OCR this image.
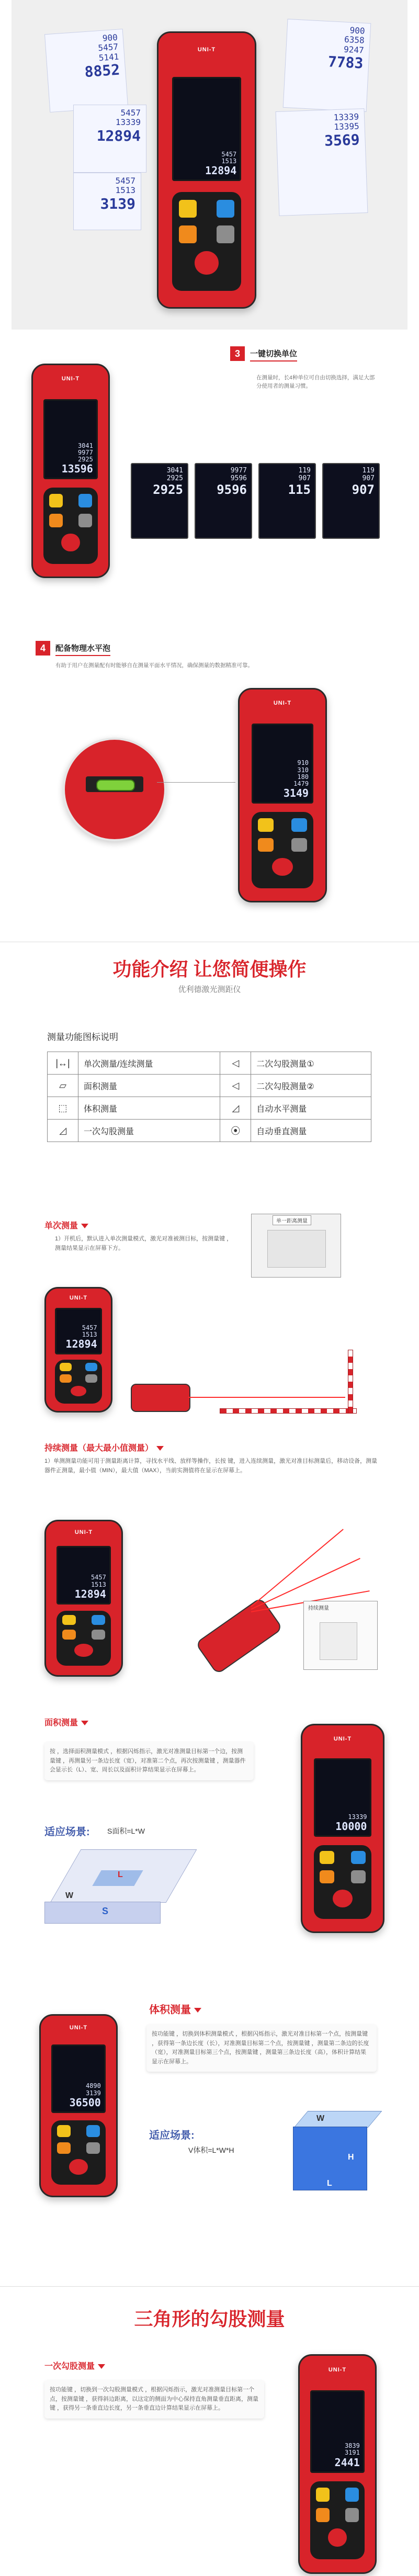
900
5457
5141
8852
900
6358
9247
7783
5457
13339
12894
5457
1513
3139
13339
13395
3569
UNI-T
5457
1513
12894
3	一键切换单位
在测量时，长4种单位可自由切换选择，满足大部分使用者的测量习惯。
UNI-T
3041
9977
2925
13596	3041
2925
2925
9977
9596
9596
119
907
115
119
907
907
4	配备物理水平泡
有助于用户在测量配有时能够自在测量平面水平情况，确保测量的数据精准可靠。
UNI-T
910
310
180
1479
3149
功能介绍 让您简便操作
优利德激光测距仪
测量功能图标说明
|↔|	单次测量/连续测量	◁	二次勾股测量①
▱	面积测量	◁	二次勾股测量②
⬚	体积测量	◿	自动水平测量
◿	一次勾股测量	⦿	自动垂直测量
单次测量
1）开机后，默认进入单次测量模式，激光对准被测目标，按测量键 ，测量结果显示在屏幕下方。
单一距离测量
UNI-T
5457
1513
12894
持续测量（最大最小值测量）
1）单测测量功能可用于测量距离计算，寻找水平线、放样等操作，长按 键，进入连续测量，激光对准目标测量后，移动设备，测量器件正测量，最小值（MIN），最大值（MAX），当前实测值将在显示在屏幕上。
UNI-T
5457
1513
12894
持续测量
面积测量
按 ，选择面积测量模式 ，根据闪烁指示，激光对准测量目标第一个边，按测量键 ，再测量另一条边长度（宽），对准第二个点，再次按测量键 ，测量器件会显示长（L）、宽、周长以及面积计算结果显示在屏幕上。
适应场景: S面积=L*W
L
W
S
UNI-T
13339
10000
体积测量
按功能键 ，切换到体积测量模式 ，根据闪烁指示，激光对准目标第一个点，按测量键 ，获得第一条边长度（长），对准测量目标第二个点，按测量键 ，测量第二条边的长度（宽），对准测量目标第三个点，按测量键 ，测量第三条边长度（高），体积计算结果显示在屏幕上。
UNI-T
4890
3139
36500
适应场景:
V体积=L*W*H
W
H
L
三角形的勾股测量
一次勾股测量
按功能键 ，切换到一次勾股测量模式 ，根据闪烁指示，激光对准测量目标第一个点，按测量键 ，获得斜边距离，以这定的侧面为中心保持直角测量垂直距离，测量键 ，获得另一条垂直边长度，另一条垂直边计算结果显示在屏幕上。
UNI-T
3839
3191
2441
